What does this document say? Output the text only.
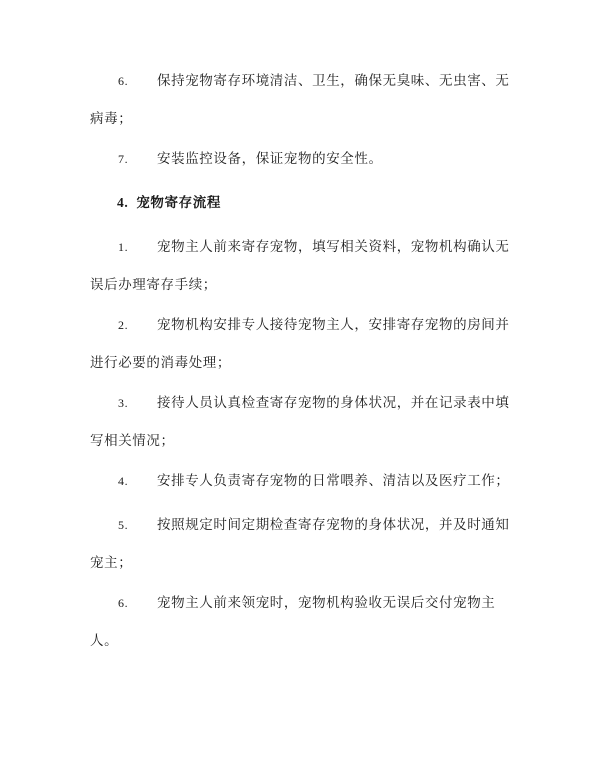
6. 保持宠物寄存环境清洁、卫生，确保无臭味、无虫害、无病毒；

7. 安装监控设备，保证宠物的安全性。

4. 宠物寄存流程

1. 宠物主人前来寄存宠物，填写相关资料，宠物机构确认无误后办理寄存手续；

2. 宠物机构安排专人接待宠物主人，安排寄存宠物的房间并进行必要的消毒处理；

3. 接待人员认真检查寄存宠物的身体状况，并在记录表中填写相关情况；

4. 安排专人负责寄存宠物的日常喂养、清洁以及医疗工作；

5. 按照规定时间定期检查寄存宠物的身体状况，并及时通知宠主；

6. 宠物主人前来领宠时，宠物机构验收无误后交付宠物主人。
